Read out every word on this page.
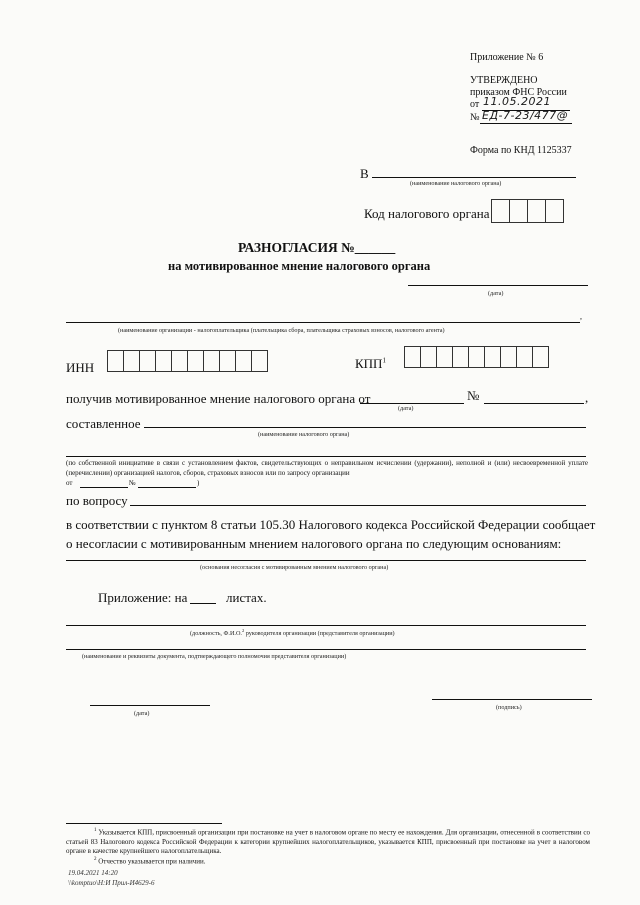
Приложение № 6
УТВЕРЖДЕНО
приказом ФНС России
от 11.05.2021
№ ЕД-7-23/477@
Форма по КНД 1125337
В
(наименование налогового органа)
Код налогового органа
РАЗНОГЛАСИЯ №______
на мотивированное мнение налогового органа
(дата)
,
(наименование организации - налогоплательщика (плательщика сбора, плательщика страховых взносов, налогового агента)
ИНН	КПП$^1$
получив мотивированное мнение налогового органа от	№	,
(дата)
составленное
(наименование налогового органа)
(по собственной инициативе в связи с установлением фактов, свидетельствующих о неправильном исчислении (удержании), неполной и (или) несвоевременной уплате (перечислении) организацией налогов, сборов, страховых взносов или по запросу организации
от	№	)
по вопросу
в соответствии с пунктом 8 статьи 105.30 Налогового кодекса Российской Федерации сообщает
о несогласии с мотивированным мнением налогового органа по следующим основаниям:
(основания несогласия с мотивированным мнением налогового органа)
Приложение: на	листах.
(должность, Ф.И.О.$^2$ руководителя организации (представителя организации)
(наименование и реквизиты документа, подтверждающего полномочия представителя организации)
(дата)
(подпись)
$^1$ Указывается КПП, присвоенный организации при постановке на учет в налоговом органе по месту ее нахождения. Для организации, отнесенной в соответствии со статьей 83 Налогового кодекса Российской Федерации к категории крупнейших налогоплательщиков, указывается КПП, присвоенный при постановке на учет в налоговом органе в качестве крупнейшего налогоплательщика.
$^2$ Отчество указывается при наличии.
19.04.2021 14:20
\\komptuo\Н:И Прил-И4629-6
